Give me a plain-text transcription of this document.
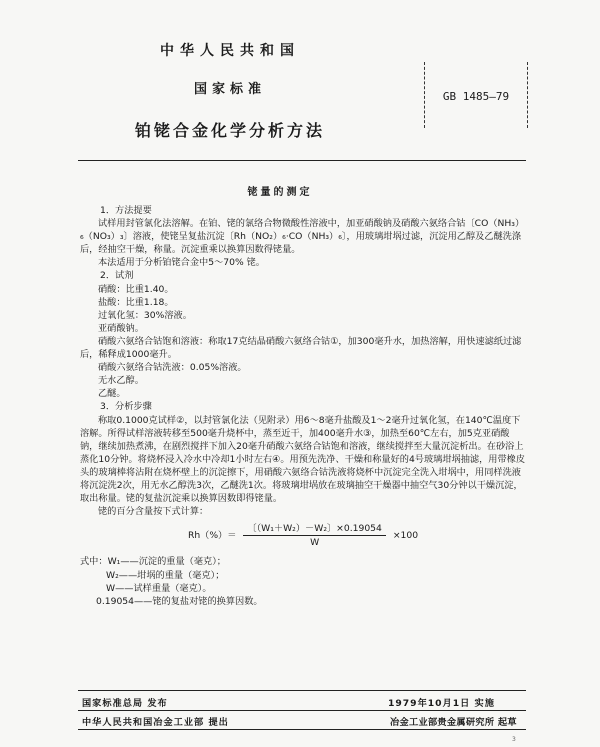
中华人民共和国
国家标准
铂铑合金化学分析方法
GB 1485—79
铑量的测定

1．方法提要

试样用封管氯化法溶解。在铂、铑的氯络合物微酸性溶液中，加亚硝酸钠及硝酸六氨络合钴〔CO（NH₃）₆（NO₃）₃〕溶液，使铑呈复盐沉淀〔Rh（NO₂）₆·CO（NH₃）₆〕，用玻璃坩埚过滤，沉淀用乙醇及乙醚洗涤后，经抽空干燥，称量。沉淀重乘以换算因数得铑量。

本法适用于分析铂铑合金中5～70% 铑。

2．试剂

硝酸：比重1.40。

盐酸：比重1.18。

过氧化氢：30%溶液。

亚硝酸钠。

硝酸六氨络合钴饱和溶液：称取17克结晶硝酸六氨络合钴①，加300毫升水，加热溶解，用快速滤纸过滤后，稀释成1000毫升。

硝酸六氨络合钴洗液：0.05%溶液。

无水乙醇。

乙醚。

3．分析步骤

称取0.1000克试样②，以封管氯化法（见附录）用6～8毫升盐酸及1～2毫升过氧化氢，在140℃温度下溶解。所得试样溶液转移至500毫升烧杯中，蒸至近干，加400毫升水③，加热至60℃左右，加5克亚硝酸钠，继续加热煮沸，在剧烈搅拌下加入20毫升硝酸六氨络合钴饱和溶液，继续搅拌至大量沉淀析出。在砂浴上蒸化10分钟。将烧杯浸入冷水中冷却1小时左右④。用预先洗净、干燥和称量好的4号玻璃坩埚抽滤，用带橡皮头的玻璃棒将沾附在烧杯壁上的沉淀擦下，用硝酸六氨络合钴洗液将烧杯中沉淀完全洗入坩埚中，用同样洗液将沉淀洗2次，用无水乙醇洗3次，乙醚洗1次。将玻璃坩埚放在玻璃抽空干燥器中抽空气30分钟以干燥沉淀，取出称量。铑的复盐沉淀乘以换算因数即得铑量。

铑的百分含量按下式计算：

$Rh(\%)= \frac{\text{〔（W₁＋W₂）－W₂〕×0.19054}}{W} \times 100$

式中：W₁——沉淀的重量（毫克）；

W₂——坩埚的重量（毫克）；

W——试样重量（毫克）。

0.19054——铑的复盐对铑的换算因数。

国家标准总局 发布	1979年10月1日 实施
中华人民共和国冶金工业部 提出	冶金工业部贵金属研究所 起草
3
